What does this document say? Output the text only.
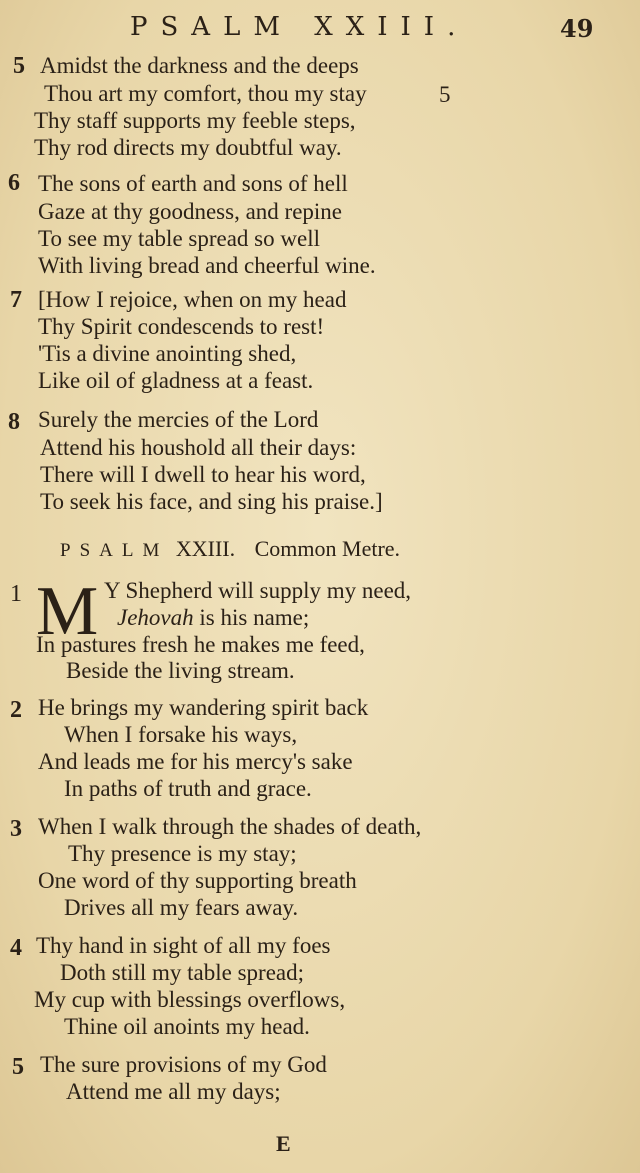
PSALM XXIII.	49
5 Amidst the darkness and the deeps
Thou art my comfort, thou my stay	5
Thy staff supports my feeble steps,
Thy rod directs my doubtful way.
6 The sons of earth and sons of hell
Gaze at thy goodness, and repine
To see my table spread so well
With living bread and cheerful wine.
7 [How I rejoice, when on my head
Thy Spirit condescends to rest!
'Tis a divine anointing shed,
Like oil of gladness at a feast.
8 Surely the mercies of the Lord
Attend his houshold all their days:
There will I dwell to hear his word,
To seek his face, and sing his praise.]
PSALM XXIII. Common Metre.
1 M Y Shepherd will supply my need,
Jehovah is his name;
In pastures fresh he makes me feed,
Beside the living stream.
2 He brings my wandering spirit back
When I forsake his ways,
And leads me for his mercy's sake
In paths of truth and grace.
3 When I walk through the shades of death,
Thy presence is my stay;
One word of thy supporting breath
Drives all my fears away.
4 Thy hand in sight of all my foes
Doth still my table spread;
My cup with blessings overflows,
Thine oil anoints my head.
5 The sure provisions of my God
Attend me all my days;
E
